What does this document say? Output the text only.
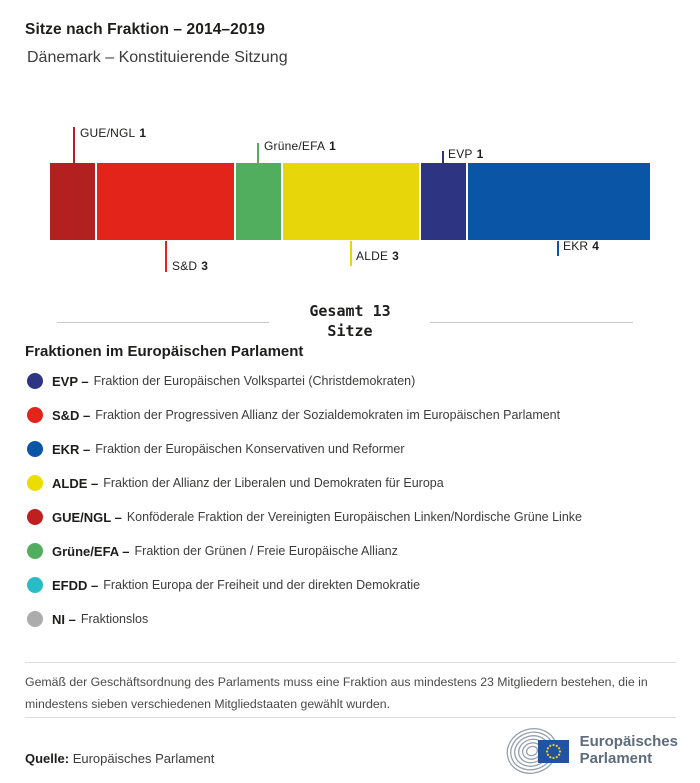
Sitze nach Fraktion – 2014–2019
Dänemark – Konstituierende Sitzung
GUE/NGL 1
Grüne/EFA 1
EVP 1
S&D 3
ALDE 3
EKR 4
Gesamt 13
Sitze
Fraktionen im Europäischen Parlament
EVP – Fraktion der Europäischen Volkspartei (Christdemokraten)
S&D – Fraktion der Progressiven Allianz der Sozialdemokraten im Europäischen Parlament
EKR – Fraktion der Europäischen Konservativen und Reformer
ALDE – Fraktion der Allianz der Liberalen und Demokraten für Europa
GUE/NGL – Konföderale Fraktion der Vereinigten Europäischen Linken/Nordische Grüne Linke
Grüne/EFA – Fraktion der Grünen / Freie Europäische Allianz
EFDD – Fraktion Europa der Freiheit und der direkten Demokratie
NI – Fraktionslos
Gemäß der Geschäftsordnung des Parlaments muss eine Fraktion aus mindestens 23 Mitgliedern bestehen, die in mindestens sieben verschiedenen Mitgliedstaaten gewählt wurden.
Quelle: Europäisches Parlament
Europäisches
Parlament
